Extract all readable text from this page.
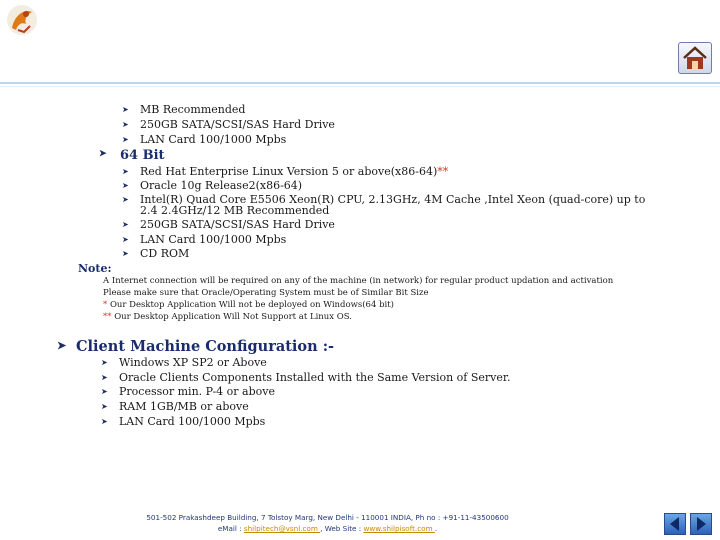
➤ MB Recommended
➤ 250GB SATA/SCSI/SAS Hard Drive
➤ LAN Card 100/1000 Mpbs
➤ 64 Bit
➤ Red Hat Enterprise Linux Version 5 or above(x86-64)**
➤ Oracle 10g Release2(x86-64)
➤ Intel(R) Quad Core E5506 Xeon(R) CPU, 2.13GHz, 4M Cache ,Intel Xeon (quad-core) up to
2.4 2.4GHz/12 MB Recommended
➤ 250GB SATA/SCSI/SAS Hard Drive
➤ LAN Card 100/1000 Mpbs
➤ CD ROM
Note:
A Internet connection will be required on any of the machine (in network) for regular product updation and activation
Please make sure that Oracle/Operating System must be of Similar Bit Size
* Our Desktop Application Will not be deployed on Windows(64 bit)
** Our Desktop Application Will Not Support at Linux OS.
➤ Client Machine Configuration :-
➤ Windows XP SP2 or Above
➤ Oracle Clients Components Installed with the Same Version of Server.
➤ Processor min. P-4 or above
➤ RAM 1GB/MB or above
➤ LAN Card 100/1000 Mpbs
501-502 Prakashdeep Building, 7 Tolstoy Marg, New Delhi - 110001 INDIA, Ph no : +91-11-43500600
eMail : shilpitech@vsnl.com , Web Site : www.shilpisoft.com .
